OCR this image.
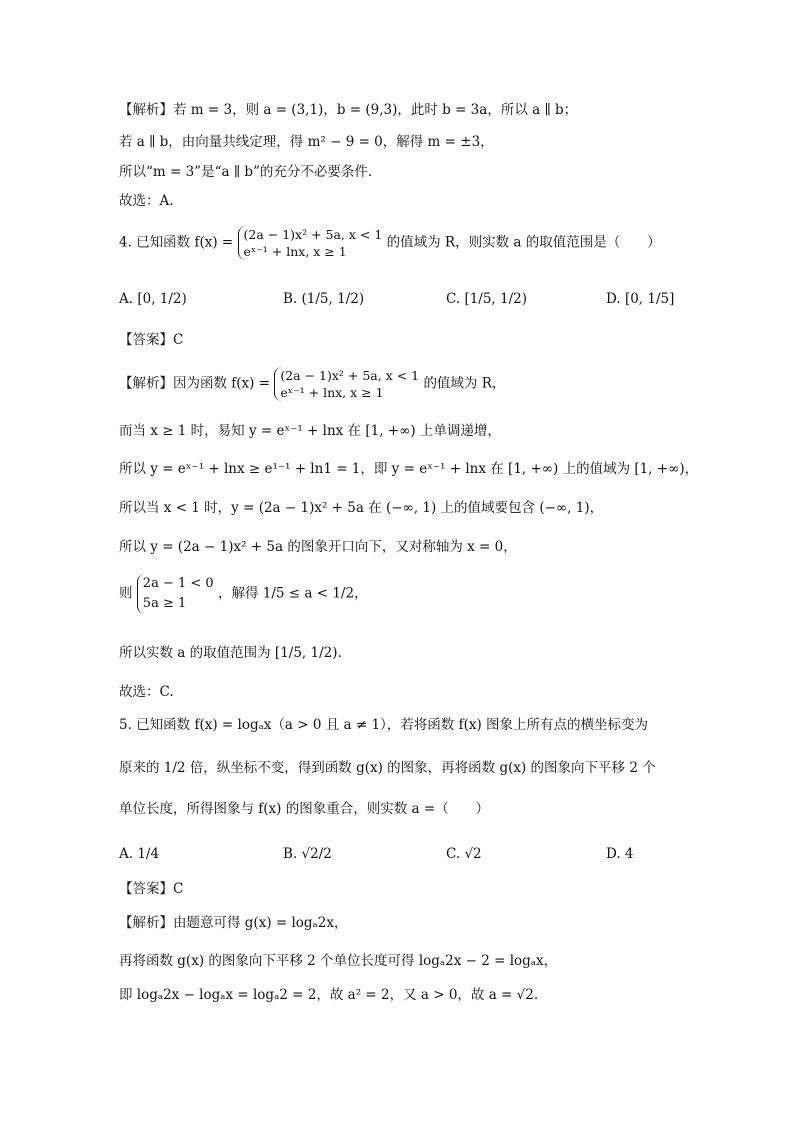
【解析】若 m = 3，则 a = (3,1)，b = (9,3)，此时 b = 3a，所以 a ∥ b；
若 a ∥ b，由向量共线定理，得 m² − 9 = 0，解得 m = ±3，
所以“m = 3”是“a ∥ b”的充分不必要条件.
故选：A.
4. 已知函数 f(x) = (2a − 1)x² + 5a, x < 1
eˣ⁻¹ + lnx, x ≥ 1
的值域为 R，则实数 a 的取值范围是（　　）
A. [0, 1/2)	B. (1/5, 1/2)	C. [1/5, 1/2)	D. [0, 1/5]
【答案】C
【解析】因为函数 f(x) = (2a − 1)x² + 5a, x < 1
eˣ⁻¹ + lnx, x ≥ 1
的值域为 R，
而当 x ≥ 1 时，易知 y = eˣ⁻¹ + lnx 在 [1, +∞) 上单调递增，
所以 y = eˣ⁻¹ + lnx ≥ e¹⁻¹ + ln1 = 1，即 y = eˣ⁻¹ + lnx 在 [1, +∞) 上的值域为 [1, +∞)，
所以当 x < 1 时，y = (2a − 1)x² + 5a 在 (−∞, 1) 上的值域要包含 (−∞, 1)，
所以 y = (2a − 1)x² + 5a 的图象开口向下，又对称轴为 x = 0，
则
2a − 1 < 0
5a ≥ 1
，解得 1/5 ≤ a < 1/2，
所以实数 a 的取值范围为 [1/5, 1/2).
故选：C.
5. 已知函数 f(x) = logₐx（a > 0 且 a ≠ 1），若将函数 f(x) 图象上所有点的横坐标变为
原来的 1/2 倍，纵坐标不变，得到函数 g(x) 的图象，再将函数 g(x) 的图象向下平移 2 个
单位长度，所得图象与 f(x) 的图象重合，则实数 a =（　　）
A. 1/4	B. √2/2	C. √2	D. 4
【答案】C
【解析】由题意可得 g(x) = logₐ2x，
再将函数 g(x) 的图象向下平移 2 个单位长度可得 logₐ2x − 2 = logₐx，
即 logₐ2x − logₐx = logₐ2 = 2，故 a² = 2，又 a > 0，故 a = √2.
